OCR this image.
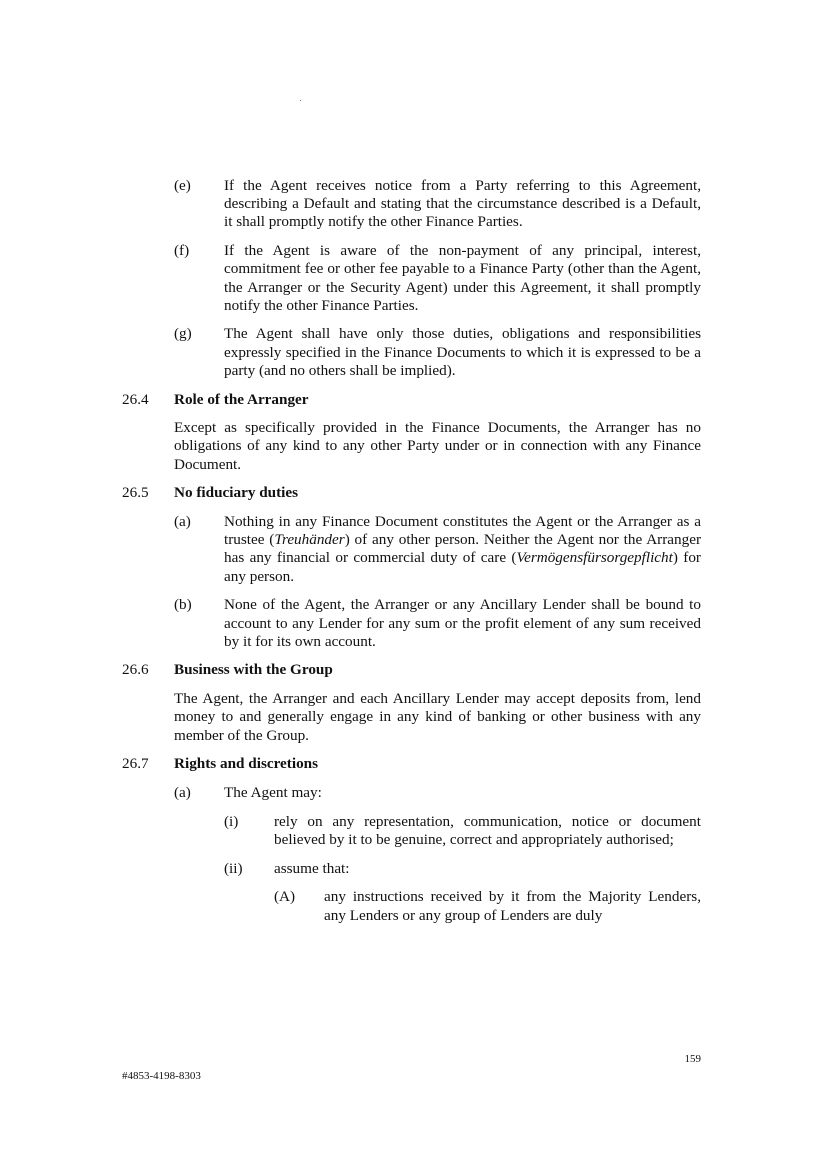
(e)	If the Agent receives notice from a Party referring to this Agreement, describing a Default and stating that the circumstance described is a Default, it shall promptly notify the other Finance Parties.
(f)	If the Agent is aware of the non-payment of any principal, interest, commitment fee or other fee payable to a Finance Party (other than the Agent, the Arranger or the Security Agent) under this Agreement, it shall promptly notify the other Finance Parties.
(g)	The Agent shall have only those duties, obligations and responsibilities expressly specified in the Finance Documents to which it is expressed to be a party (and no others shall be implied).
26.4	Role of the Arranger
Except as specifically provided in the Finance Documents, the Arranger has no obligations of any kind to any other Party under or in connection with any Finance Document.
26.5	No fiduciary duties
(a)	Nothing in any Finance Document constitutes the Agent or the Arranger as a trustee (Treuhänder) of any other person. Neither the Agent nor the Arranger has any financial or commercial duty of care (Vermögensfürsorgepflicht) for any person.
(b)	None of the Agent, the Arranger or any Ancillary Lender shall be bound to account to any Lender for any sum or the profit element of any sum received by it for its own account.
26.6	Business with the Group
The Agent, the Arranger and each Ancillary Lender may accept deposits from, lend money to and generally engage in any kind of banking or other business with any member of the Group.
26.7	Rights and discretions
(a)	The Agent may:
(i)	rely on any representation, communication, notice or document believed by it to be genuine, correct and appropriately authorised;
(ii)	assume that:
(A)	any instructions received by it from the Majority Lenders, any Lenders or any group of Lenders are duly
159
#4853-4198-8303
